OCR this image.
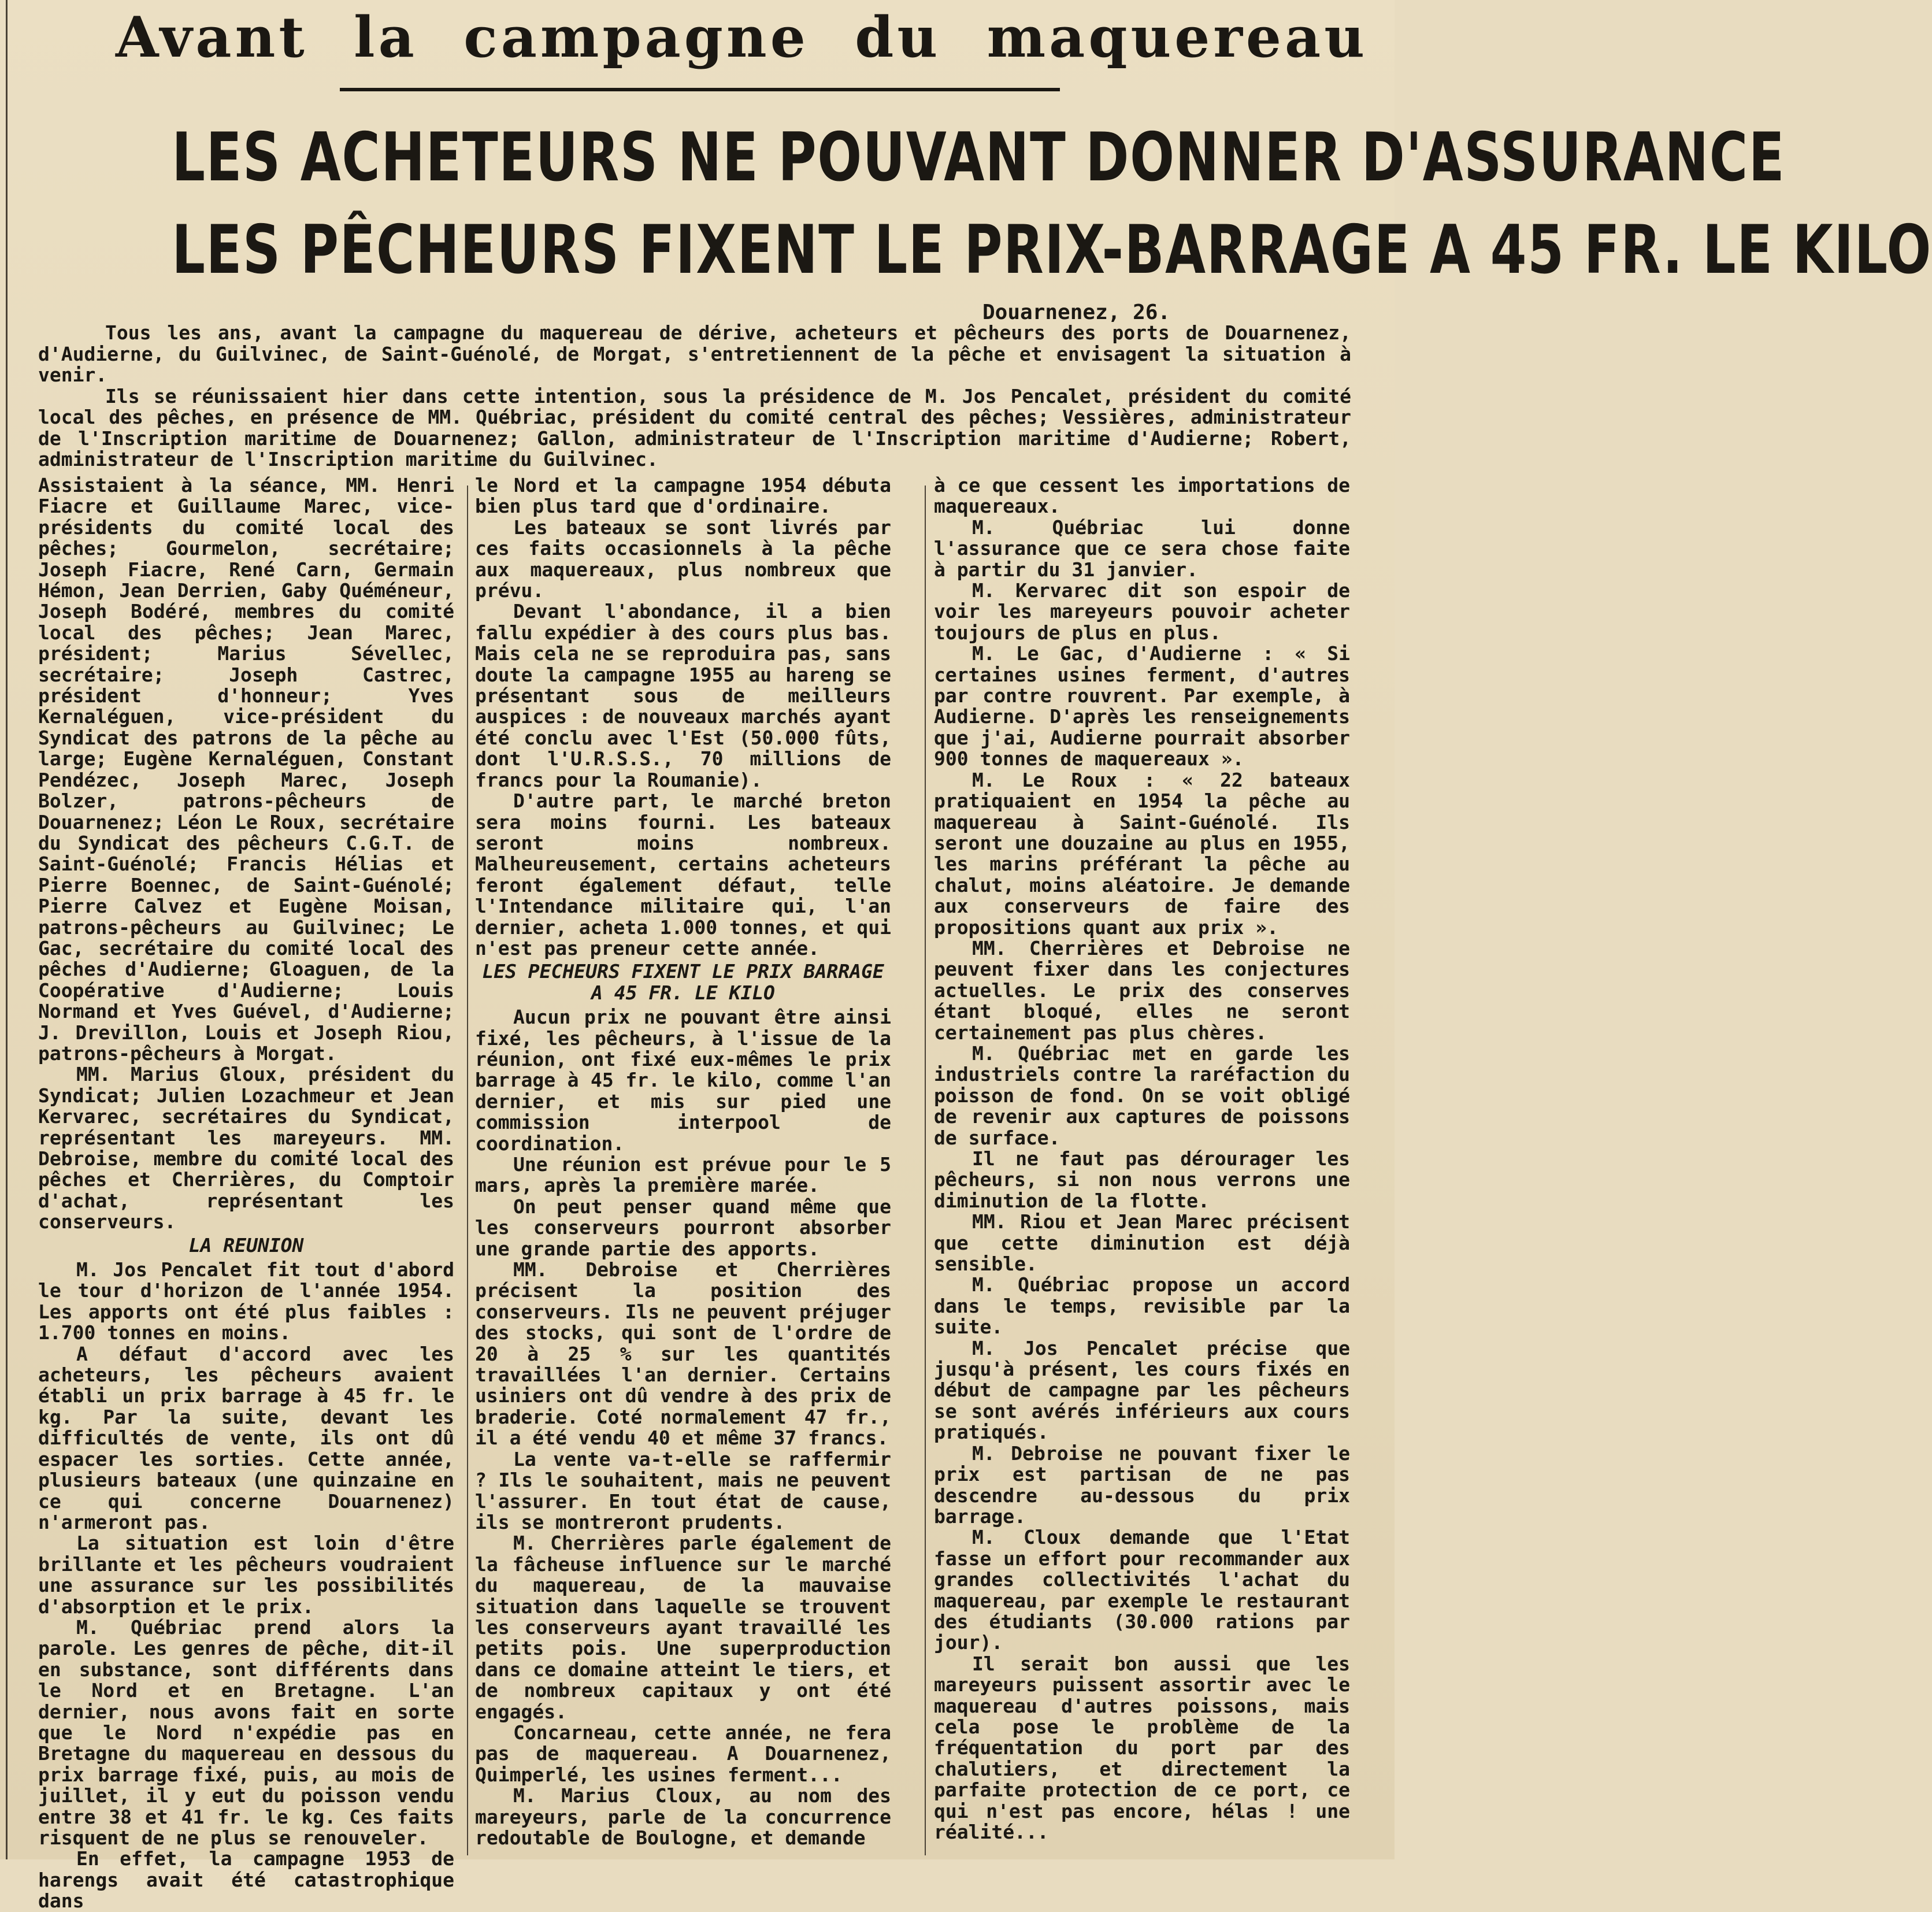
Avant la campagne du maquereau
LES ACHETEURS NE POUVANT DONNER D'ASSURANCE
LES PÊCHEURS FIXENT LE PRIX-BARRAGE A 45 FR. LE KILO
Douarnenez, 26.

Tous les ans, avant la campagne du maquereau de dérive, acheteurs et pêcheurs des ports de Douarnenez, d'Audierne, du Guilvinec, de Saint-Guénolé, de Morgat, s'entretiennent de la pêche et envisagent la situation à venir.

Ils se réunissaient hier dans cette intention, sous la présidence de M. Jos Pencalet, président du comité local des pêches, en présence de MM. Québriac, président du comité central des pêches; Vessières, administrateur de l'Inscription maritime de Douarnenez; Gallon, administrateur de l'Inscription maritime d'Audierne; Robert, administrateur de l'Inscription maritime du Guilvinec.

Assistaient à la séance, MM. Henri Fiacre et Guillaume Marec, vice-présidents du comité local des pêches; Gourmelon, secrétaire; Joseph Fiacre, René Carn, Germain Hémon, Jean Derrien, Gaby Quéméneur, Joseph Bodéré, membres du comité local des pêches; Jean Marec, président; Marius Sévellec, secrétaire; Joseph Castrec, président d'honneur; Yves Kernaléguen, vice-président du Syndicat des patrons de la pêche au large; Eugène Kernaléguen, Constant Pendézec, Joseph Marec, Joseph Bolzer, patrons-pêcheurs de Douarnenez; Léon Le Roux, secrétaire du Syndicat des pêcheurs C.G.T. de Saint-Guénolé; Francis Hélias et Pierre Boennec, de Saint-Guénolé; Pierre Calvez et Eugène Moisan, patrons-pêcheurs au Guilvinec; Le Gac, secrétaire du comité local des pêches d'Audierne; Gloaguen, de la Coopérative d'Audierne; Louis Normand et Yves Guével, d'Audierne; J. Drevillon, Louis et Joseph Riou, patrons-pêcheurs à Morgat.

MM. Marius Gloux, président du Syndicat; Julien Lozachmeur et Jean Kervarec, secrétaires du Syndicat, représentant les mareyeurs. MM. Debroise, membre du comité local des pêches et Cherrières, du Comptoir d'achat, représentant les conserveurs.

LA REUNION

M. Jos Pencalet fit tout d'abord le tour d'horizon de l'année 1954. Les apports ont été plus faibles : 1.700 tonnes en moins.

A défaut d'accord avec les acheteurs, les pêcheurs avaient établi un prix barrage à 45 fr. le kg. Par la suite, devant les difficultés de vente, ils ont dû espacer les sorties. Cette année, plusieurs bateaux (une quinzaine en ce qui concerne Douarnenez) n'armeront pas.

La situation est loin d'être brillante et les pêcheurs voudraient une assurance sur les possibilités d'absorption et le prix.

M. Québriac prend alors la parole. Les genres de pêche, dit-il en substance, sont différents dans le Nord et en Bretagne. L'an dernier, nous avons fait en sorte que le Nord n'expédie pas en Bretagne du maquereau en dessous du prix barrage fixé, puis, au mois de juillet, il y eut du poisson vendu entre 38 et 41 fr. le kg. Ces faits risquent de ne plus se renouveler.

En effet, la campagne 1953 de harengs avait été catastrophique dans

le Nord et la campagne 1954 débuta bien plus tard que d'ordinaire.

Les bateaux se sont livrés par ces faits occasionnels à la pêche aux maquereaux, plus nombreux que prévu.

Devant l'abondance, il a bien fallu expédier à des cours plus bas. Mais cela ne se reproduira pas, sans doute la campagne 1955 au hareng se présentant sous de meilleurs auspices : de nouveaux marchés ayant été conclu avec l'Est (50.000 fûts, dont l'U.R.S.S., 70 millions de francs pour la Roumanie).

D'autre part, le marché breton sera moins fourni. Les bateaux seront moins nombreux. Malheureusement, certains acheteurs feront également défaut, telle l'Intendance militaire qui, l'an dernier, acheta 1.000 tonnes, et qui n'est pas preneur cette année.

LES PECHEURS FIXENT LE PRIX BARRAGE A 45 FR. LE KILO

Aucun prix ne pouvant être ainsi fixé, les pêcheurs, à l'issue de la réunion, ont fixé eux-mêmes le prix barrage à 45 fr. le kilo, comme l'an dernier, et mis sur pied une commission interpool de coordination.

Une réunion est prévue pour le 5 mars, après la première marée.

On peut penser quand même que les conserveurs pourront absorber une grande partie des apports.

MM. Debroise et Cherrières précisent la position des conserveurs. Ils ne peuvent préjuger des stocks, qui sont de l'ordre de 20 à 25 % sur les quantités travaillées l'an dernier. Certains usiniers ont dû vendre à des prix de braderie. Coté normalement 47 fr., il a été vendu 40 et même 37 francs.

La vente va-t-elle se raffermir ? Ils le souhaitent, mais ne peuvent l'assurer. En tout état de cause, ils se montreront prudents.

M. Cherrières parle également de la fâcheuse influence sur le marché du maquereau, de la mauvaise situation dans laquelle se trouvent les conserveurs ayant travaillé les petits pois. Une superproduction dans ce domaine atteint le tiers, et de nombreux capitaux y ont été engagés.

Concarneau, cette année, ne fera pas de maquereau. A Douarnenez, Quimperlé, les usines ferment...

M. Marius Cloux, au nom des mareyeurs, parle de la concurrence redoutable de Boulogne, et demande

à ce que cessent les importations de maquereaux.

M. Québriac lui donne l'assurance que ce sera chose faite à partir du 31 janvier.

M. Kervarec dit son espoir de voir les mareyeurs pouvoir acheter toujours de plus en plus.

M. Le Gac, d'Audierne : « Si certaines usines ferment, d'autres par contre rouvrent. Par exemple, à Audierne. D'après les renseignements que j'ai, Audierne pourrait absorber 900 tonnes de maquereaux ».

M. Le Roux : « 22 bateaux pratiquaient en 1954 la pêche au maquereau à Saint-Guénolé. Ils seront une douzaine au plus en 1955, les marins préférant la pêche au chalut, moins aléatoire. Je demande aux conserveurs de faire des propositions quant aux prix ».

MM. Cherrières et Debroise ne peuvent fixer dans les conjectures actuelles. Le prix des conserves étant bloqué, elles ne seront certainement pas plus chères.

M. Québriac met en garde les industriels contre la raréfaction du poisson de fond. On se voit obligé de revenir aux captures de poissons de surface.

Il ne faut pas dérourager les pêcheurs, si non nous verrons une diminution de la flotte.

MM. Riou et Jean Marec précisent que cette diminution est déjà sensible.

M. Québriac propose un accord dans le temps, revisible par la suite.

M. Jos Pencalet précise que jusqu'à présent, les cours fixés en début de campagne par les pêcheurs se sont avérés inférieurs aux cours pratiqués.

M. Debroise ne pouvant fixer le prix est partisan de ne pas descendre au-dessous du prix barrage.

M. Cloux demande que l'Etat fasse un effort pour recommander aux grandes collectivités l'achat du maquereau, par exemple le restaurant des étudiants (30.000 rations par jour).

Il serait bon aussi que les mareyeurs puissent assortir avec le maquereau d'autres poissons, mais cela pose le problème de la fréquentation du port par des chalutiers, et directement la parfaite protection de ce port, ce qui n'est pas encore, hélas ! une réalité...
